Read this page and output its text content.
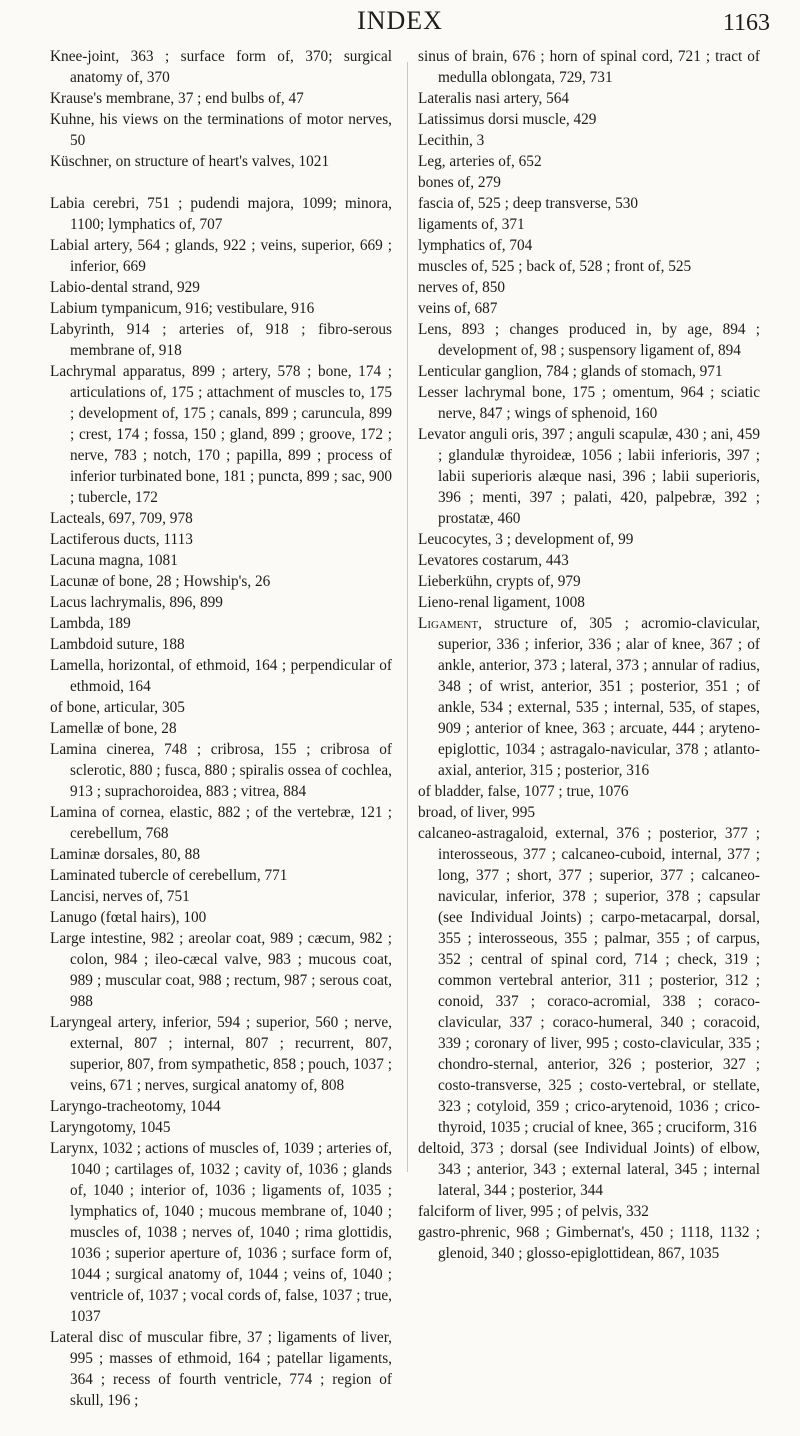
INDEX	1163

Knee-joint, 363 ; surface form of, 370; surgical anatomy of, 370

Krause's membrane, 37 ; end bulbs of, 47

Kuhne, his views on the terminations of motor nerves, 50

Küschner, on structure of heart's valves, 1021

Labia cerebri, 751 ; pudendi majora, 1099; minora, 1100; lymphatics of, 707

Labial artery, 564 ; glands, 922 ; veins, superior, 669 ; inferior, 669

Labio-dental strand, 929

Labium tympanicum, 916; vestibulare, 916

Labyrinth, 914 ; arteries of, 918 ; fibro-serous membrane of, 918

Lachrymal apparatus, 899 ; artery, 578 ; bone, 174 ; articulations of, 175 ; attachment of muscles to, 175 ; development of, 175 ; canals, 899 ; caruncula, 899 ; crest, 174 ; fossa, 150 ; gland, 899 ; groove, 172 ; nerve, 783 ; notch, 170 ; papilla, 899 ; process of inferior turbinated bone, 181 ; puncta, 899 ; sac, 900 ; tubercle, 172

Lacteals, 697, 709, 978

Lactiferous ducts, 1113

Lacuna magna, 1081

Lacunæ of bone, 28 ; Howship's, 26

Lacus lachrymalis, 896, 899

Lambda, 189

Lambdoid suture, 188

Lamella, horizontal, of ethmoid, 164 ; perpendicular of ethmoid, 164

of bone, articular, 305

Lamellæ of bone, 28

Lamina cinerea, 748 ; cribrosa, 155 ; cribrosa of sclerotic, 880 ; fusca, 880 ; spiralis ossea of cochlea, 913 ; suprachoroidea, 883 ; vitrea, 884

Lamina of cornea, elastic, 882 ; of the vertebræ, 121 ; cerebellum, 768

Laminæ dorsales, 80, 88

Laminated tubercle of cerebellum, 771

Lancisi, nerves of, 751

Lanugo (fœtal hairs), 100

Large intestine, 982 ; areolar coat, 989 ; cæcum, 982 ; colon, 984 ; ileo-cæcal valve, 983 ; mucous coat, 989 ; muscular coat, 988 ; rectum, 987 ; serous coat, 988

Laryngeal artery, inferior, 594 ; superior, 560 ; nerve, external, 807 ; internal, 807 ; recurrent, 807, superior, 807, from sympathetic, 858 ; pouch, 1037 ; veins, 671 ; nerves, surgical anatomy of, 808

Laryngo-tracheotomy, 1044

Laryngotomy, 1045

Larynx, 1032 ; actions of muscles of, 1039 ; arteries of, 1040 ; cartilages of, 1032 ; cavity of, 1036 ; glands of, 1040 ; interior of, 1036 ; ligaments of, 1035 ; lymphatics of, 1040 ; mucous membrane of, 1040 ; muscles of, 1038 ; nerves of, 1040 ; rima glottidis, 1036 ; superior aperture of, 1036 ; surface form of, 1044 ; surgical anatomy of, 1044 ; veins of, 1040 ; ventricle of, 1037 ; vocal cords of, false, 1037 ; true, 1037

Lateral disc of muscular fibre, 37 ; ligaments of liver, 995 ; masses of ethmoid, 164 ; patellar ligaments, 364 ; recess of fourth ventricle, 774 ; region of skull, 196 ;

sinus of brain, 676 ; horn of spinal cord, 721 ; tract of medulla oblongata, 729, 731

Lateralis nasi artery, 564

Latissimus dorsi muscle, 429

Lecithin, 3

Leg, arteries of, 652

bones of, 279

fascia of, 525 ; deep transverse, 530

ligaments of, 371

lymphatics of, 704

muscles of, 525 ; back of, 528 ; front of, 525

nerves of, 850

veins of, 687

Lens, 893 ; changes produced in, by age, 894 ; development of, 98 ; suspensory ligament of, 894

Lenticular ganglion, 784 ; glands of stomach, 971

Lesser lachrymal bone, 175 ; omentum, 964 ; sciatic nerve, 847 ; wings of sphenoid, 160

Levator anguli oris, 397 ; anguli scapulæ, 430 ; ani, 459 ; glandulæ thyroideæ, 1056 ; labii inferioris, 397 ; labii superioris alæque nasi, 396 ; labii superioris, 396 ; menti, 397 ; palati, 420, palpebræ, 392 ; prostatæ, 460

Leucocytes, 3 ; development of, 99

Levatores costarum, 443

Lieberkühn, crypts of, 979

Lieno-renal ligament, 1008

Ligament, structure of, 305 ; acromio-clavicular, superior, 336 ; inferior, 336 ; alar of knee, 367 ; of ankle, anterior, 373 ; lateral, 373 ; annular of radius, 348 ; of wrist, anterior, 351 ; posterior, 351 ; of ankle, 534 ; external, 535 ; internal, 535, of stapes, 909 ; anterior of knee, 363 ; arcuate, 444 ; aryteno-epiglottic, 1034 ; astragalo-navicular, 378 ; atlanto-axial, anterior, 315 ; posterior, 316

of bladder, false, 1077 ; true, 1076

broad, of liver, 995

calcaneo-astragaloid, external, 376 ; posterior, 377 ; interosseous, 377 ; calcaneo-cuboid, internal, 377 ; long, 377 ; short, 377 ; superior, 377 ; calcaneo-navicular, inferior, 378 ; superior, 378 ; capsular (see Individual Joints) ; carpo-metacarpal, dorsal, 355 ; interosseous, 355 ; palmar, 355 ; of carpus, 352 ; central of spinal cord, 714 ; check, 319 ; common vertebral anterior, 311 ; posterior, 312 ; conoid, 337 ; coraco-acromial, 338 ; coraco-clavicular, 337 ; coraco-humeral, 340 ; coracoid, 339 ; coronary of liver, 995 ; costo-clavicular, 335 ; chondro-sternal, anterior, 326 ; posterior, 327 ; costo-transverse, 325 ; costo-vertebral, or stellate, 323 ; cotyloid, 359 ; crico-arytenoid, 1036 ; crico-thyroid, 1035 ; crucial of knee, 365 ; cruciform, 316

deltoid, 373 ; dorsal (see Individual Joints) of elbow, 343 ; anterior, 343 ; external lateral, 345 ; internal lateral, 344 ; posterior, 344

falciform of liver, 995 ; of pelvis, 332

gastro-phrenic, 968 ; Gimbernat's, 450 ; 1118, 1132 ; glenoid, 340 ; glosso-epiglottidean, 867, 1035
